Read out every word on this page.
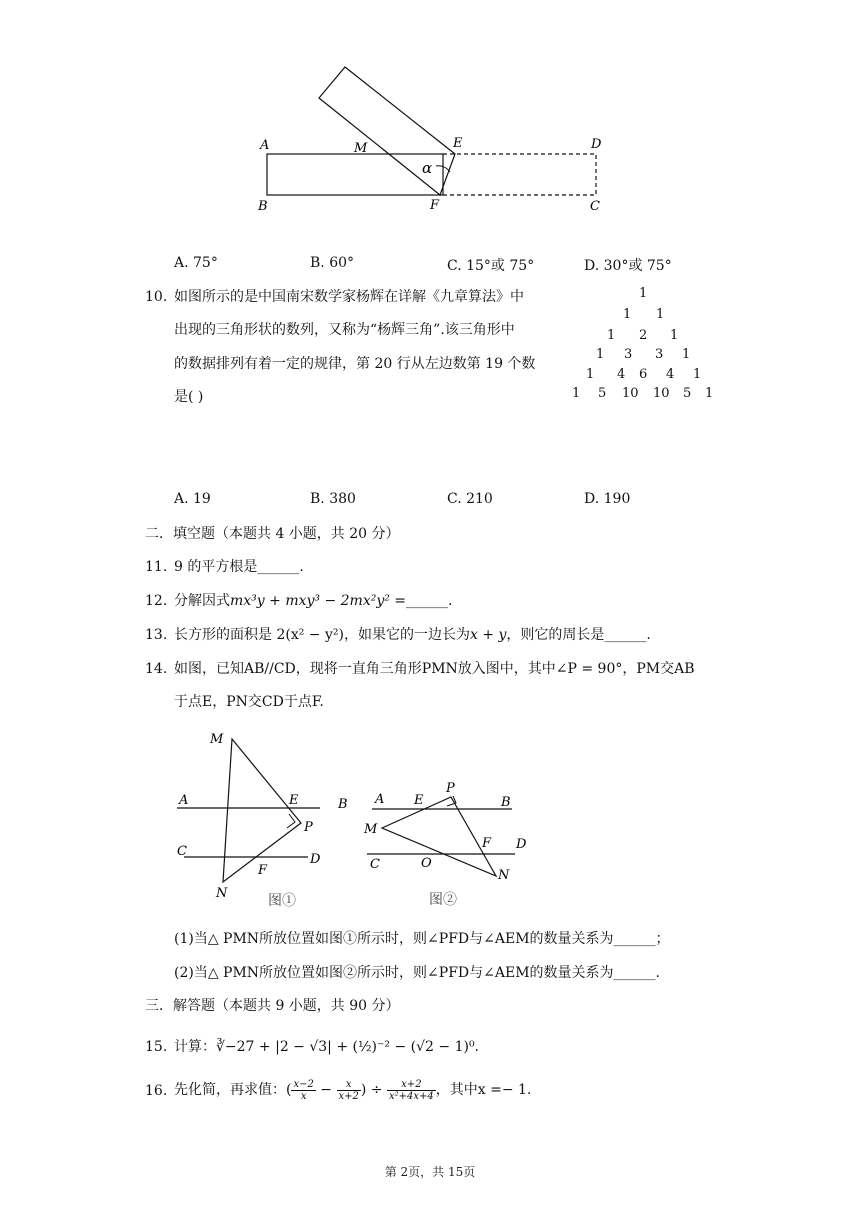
A	M	E	D
B	F	C
α
A. 75°	B. 60°	C. 15°或 75°	D. 30°或 75°
10. 如图所示的是中国南宋数学家杨辉在详解《九章算法》中
出现的三角形状的数列，又称为“杨辉三角”.该三角形中
的数据排列有着一定的规律，第 20 行从左边数第 19 个数
是( )
1
1 1
1 2 1
1 3 3 1
1 4 6 4 1
1 5 10 10 5 1
A. 19	B. 380	C. 210	D. 190
二．填空题（本题共 4 小题，共 20 分）
11. 9 的平方根是______.
12. 分解因式mx³y + mxy³ − 2mx²y² =______.
13. 长方形的面积是 2(x² − y²)，如果它的一边长为x + y，则它的周长是______.
14. 如图，已知AB//CD，现将一直角三角形PMN放入图中，其中∠P = 90°，PM交AB
于点E，PN交CD于点F.
M
A	E	B
P
C
F
D
N	图①
A E
P
B
M
F D
C	O
N
图②
(1)当△ PMN所放位置如图①所示时，则∠PFD与∠AEM的数量关系为______；
(2)当△ PMN所放位置如图②所示时，则∠PFD与∠AEM的数量关系为______.
三．解答题（本题共 9 小题，共 90 分）
15. 计算：∛−27 + |2 − √3| + (½)⁻² − (√2 − 1)⁰.
16. 先化简，再求值：( $\frac{x-2}{x} - \frac{x}{x+2}$ ) ÷ $\frac{x+2}{\text{x²+4x+4}}$ ，其中x =− 1.
第 2页，共 15页
